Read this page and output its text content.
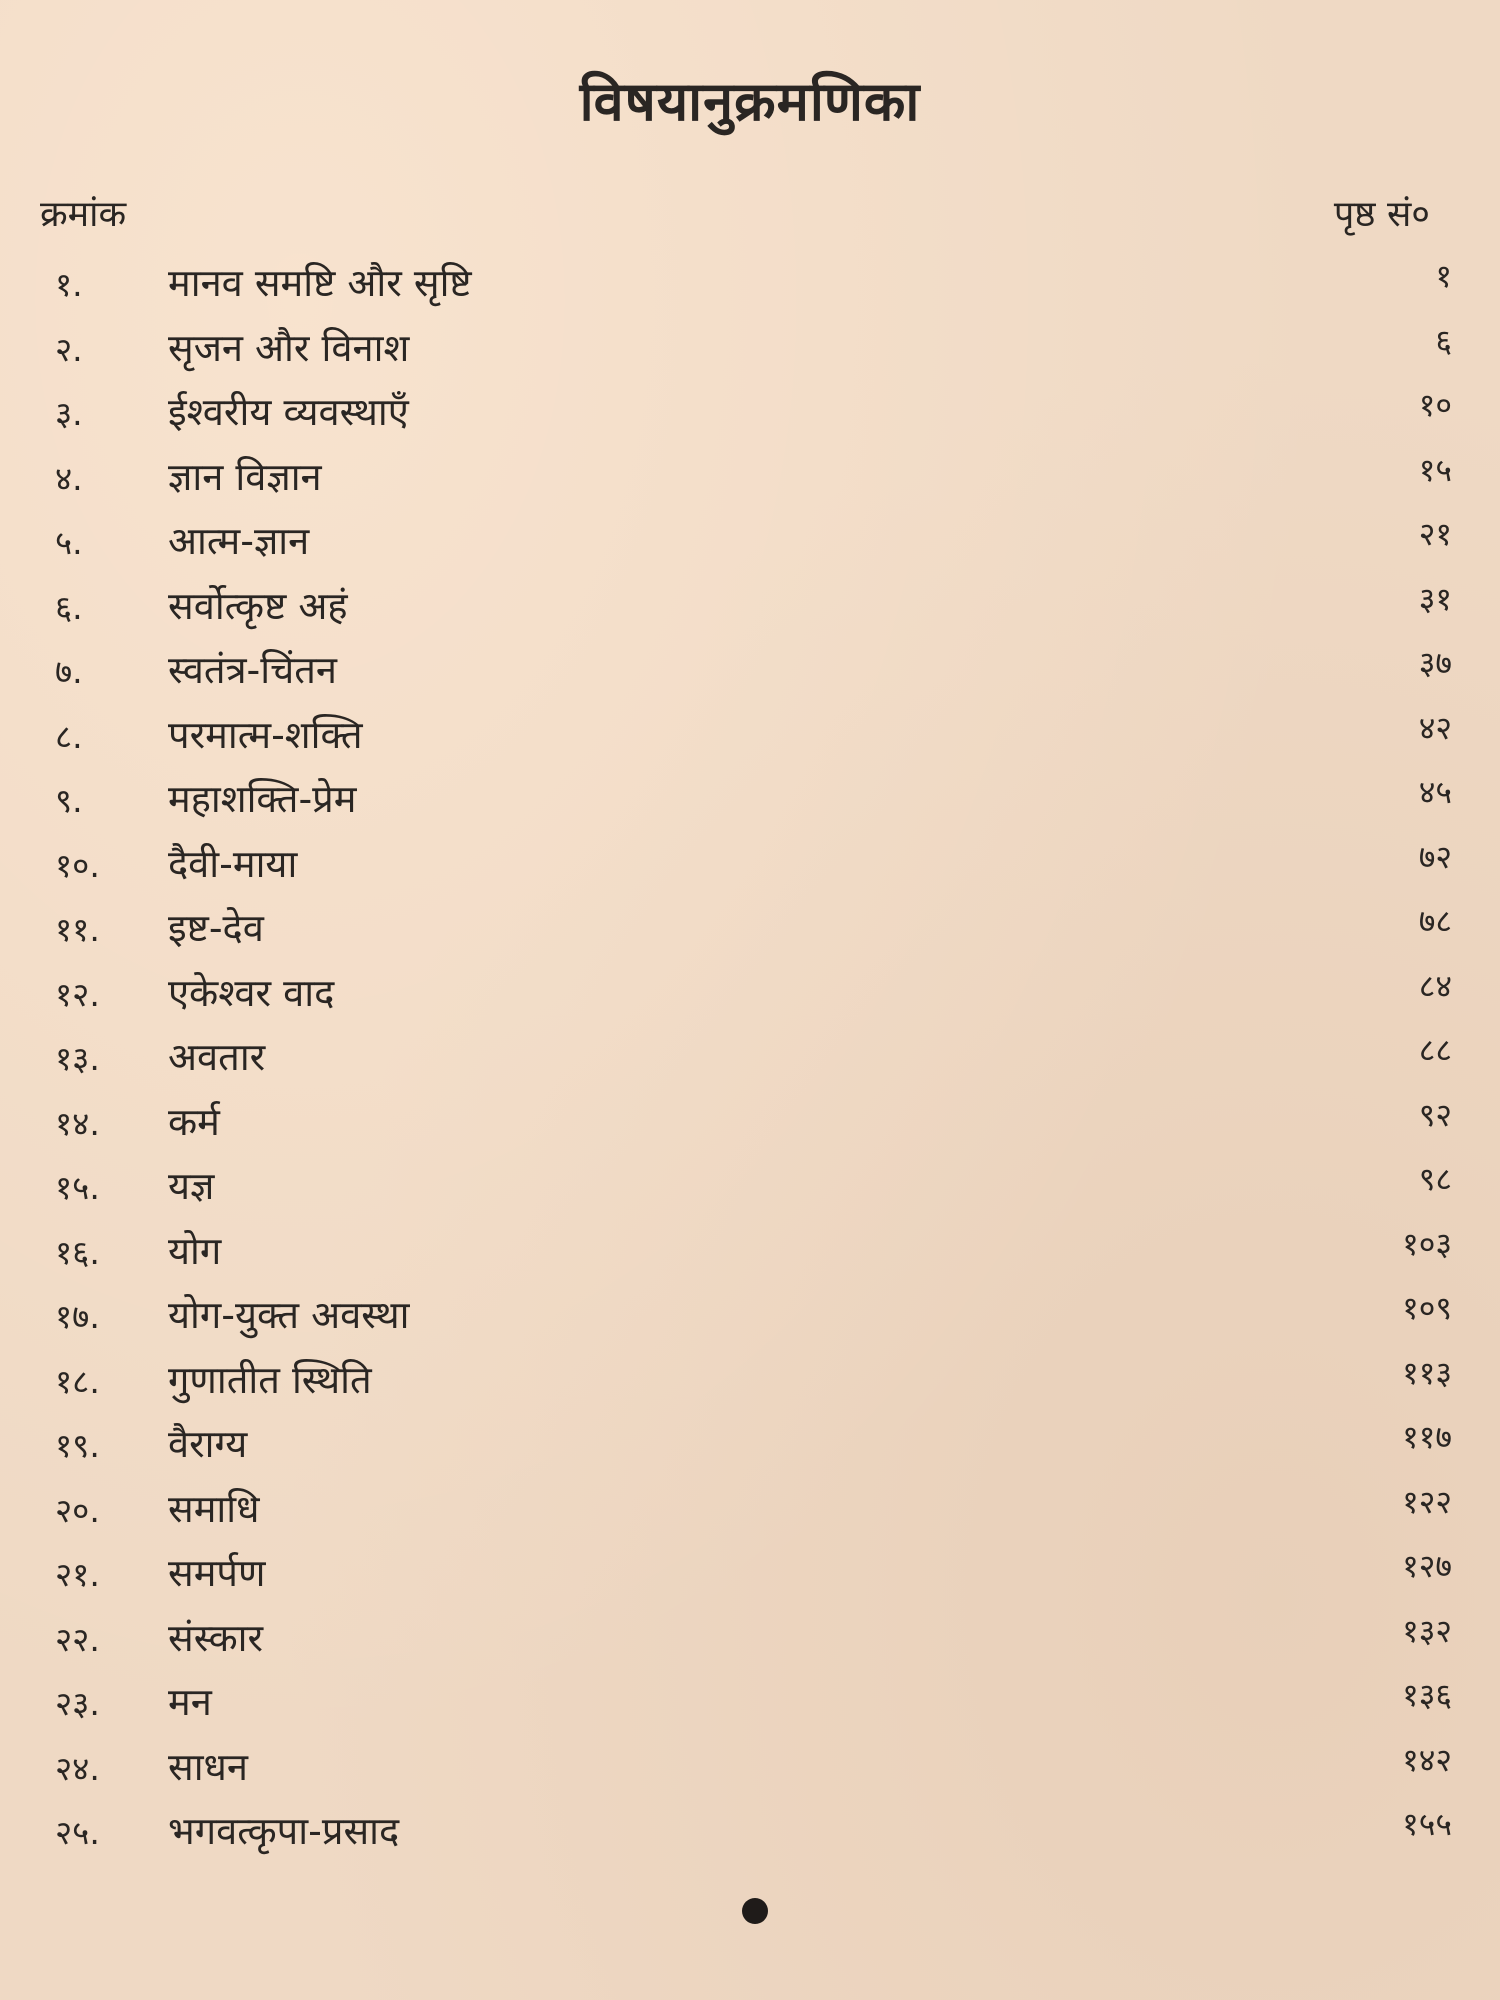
विषयानुक्रमणिका
क्रमांक	पृष्ठ सं०
१.	मानव समष्टि और सृष्टि	१
२.	सृजन और विनाश	६
३.	ईश्वरीय व्यवस्थाएँ	१०
४.	ज्ञान विज्ञान	१५
५.	आत्म-ज्ञान	२१
६.	सर्वोत्कृष्ट अहं	३१
७.	स्वतंत्र-चिंतन	३७
८.	परमात्म-शक्ति	४२
९.	महाशक्ति-प्रेम	४५
१०.	दैवी-माया	७२
११.	इष्ट-देव	७८
१२.	एकेश्वर वाद	८४
१३.	अवतार	८८
१४.	कर्म	९२
१५.	यज्ञ	९८
१६.	योग	१०३
१७.	योग-युक्त अवस्था	१०९
१८.	गुणातीत स्थिति	११३
१९.	वैराग्य	११७
२०.	समाधि	१२२
२१.	समर्पण	१२७
२२.	संस्कार	१३२
२३.	मन	१३६
२४.	साधन	१४२
२५.	भगवत्कृपा-प्रसाद	१५५
